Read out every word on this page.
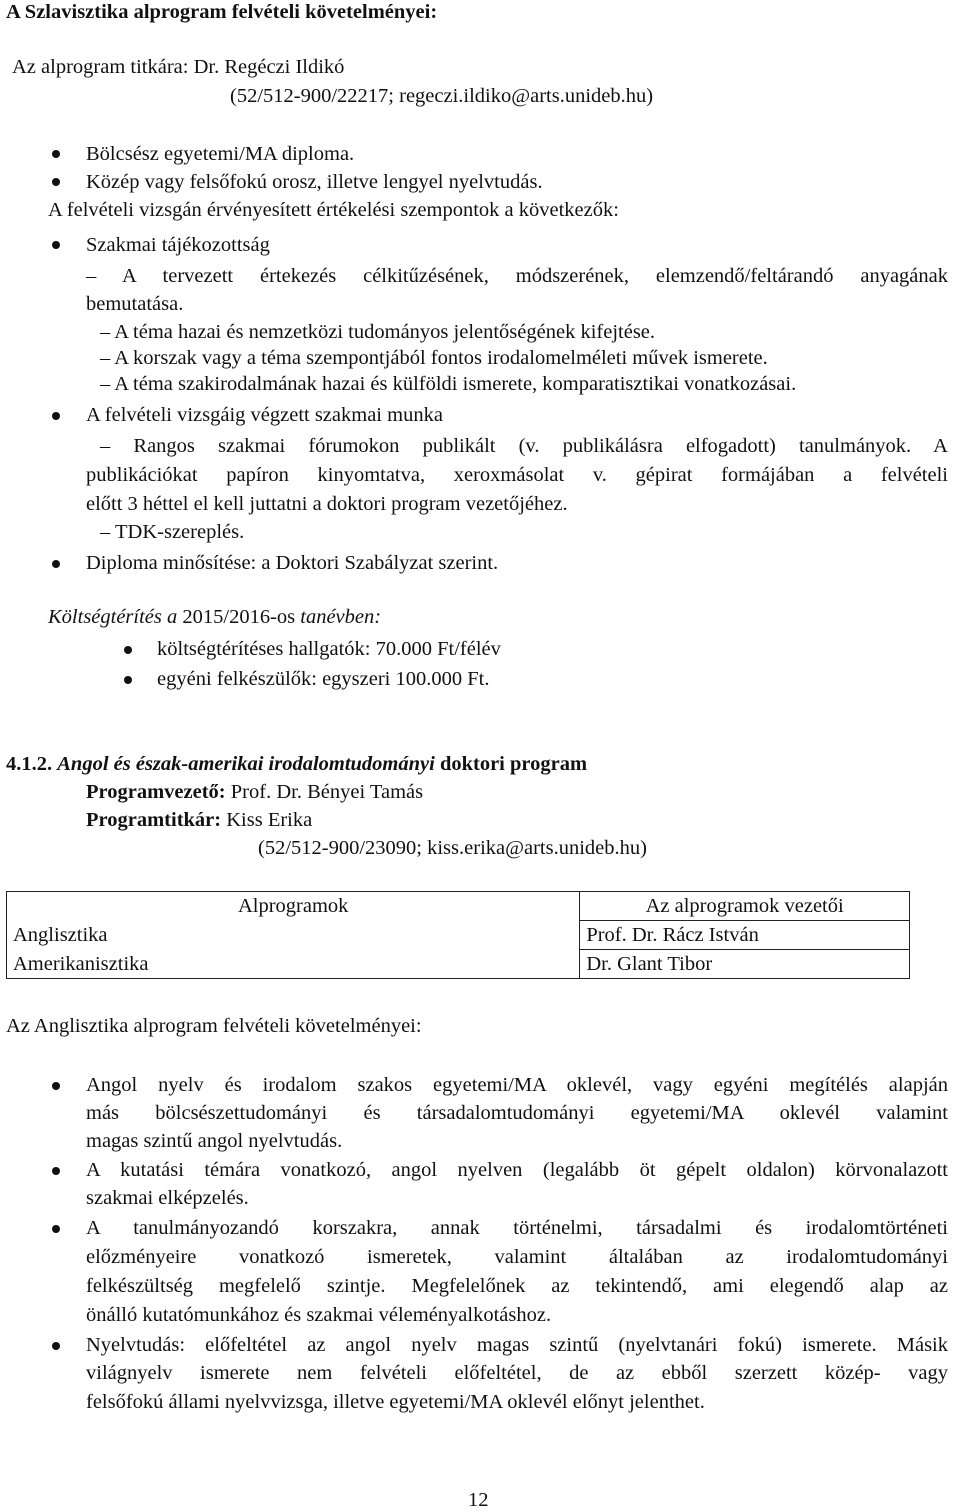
A Szlavisztika alprogram felvételi követelményei:
Az alprogram titkára: Dr. Regéczi Ildikó
(52/512-900/22217; regeczi.ildiko@arts.unideb.hu)
Bölcsész egyetemi/MA diploma.
Közép vagy felsőfokú orosz, illetve lengyel nyelvtudás.
A felvételi vizsgán érvényesített értékelési szempontok a következők:
Szakmai tájékozottság
– A tervezett értekezés célkitűzésének, módszerének, elemzendő/feltárandó anyagának
bemutatása.
– A téma hazai és nemzetközi tudományos jelentőségének kifejtése.
– A korszak vagy a téma szempontjából fontos irodalomelméleti művek ismerete.
– A téma szakirodalmának hazai és külföldi ismerete, komparatisztikai vonatkozásai.
A felvételi vizsgáig végzett szakmai munka
– Rangos szakmai fórumokon publikált (v. publikálásra elfogadott) tanulmányok. A
publikációkat papíron kinyomtatva, xeroxmásolat v. gépirat formájában a felvételi
előtt 3 héttel el kell juttatni a doktori program vezetőjéhez.
– TDK-szereplés.
Diploma minősítése: a Doktori Szabályzat szerint.
Költségtérítés a 2015/2016-os tanévben:
költségtérítéses hallgatók: 70.000 Ft/félév
egyéni felkészülők: egyszeri 100.000 Ft.
4.1.2. Angol és észak-amerikai irodalomtudományi doktori program
Programvezető: Prof. Dr. Bényei Tamás
Programtitkár: Kiss Erika
(52/512-900/23090; kiss.erika@arts.unideb.hu)
Alprogramok	Az alprogramok vezetői
Anglisztika	Prof. Dr. Rácz István
Amerikanisztika	Dr. Glant Tibor
Az Anglisztika alprogram felvételi követelményei:
Angol nyelv és irodalom szakos egyetemi/MA oklevél, vagy egyéni megítélés alapján
más bölcsészettudományi és társadalomtudományi egyetemi/MA oklevél valamint
magas szintű angol nyelvtudás.
A kutatási témára vonatkozó, angol nyelven (legalább öt gépelt oldalon) körvonalazott
szakmai elképzelés.
A tanulmányozandó korszakra, annak történelmi, társadalmi és irodalomtörténeti
előzményeire vonatkozó ismeretek, valamint általában az irodalomtudományi
felkészültség megfelelő szintje. Megfelelőnek az tekintendő, ami elegendő alap az
önálló kutatómunkához és szakmai véleményalkotáshoz.
Nyelvtudás: előfeltétel az angol nyelv magas szintű (nyelvtanári fokú) ismerete. Másik
világnyelv ismerete nem felvételi előfeltétel, de az ebből szerzett közép- vagy
felsőfokú állami nyelvvizsga, illetve egyetemi/MA oklevél előnyt jelenthet.
12
